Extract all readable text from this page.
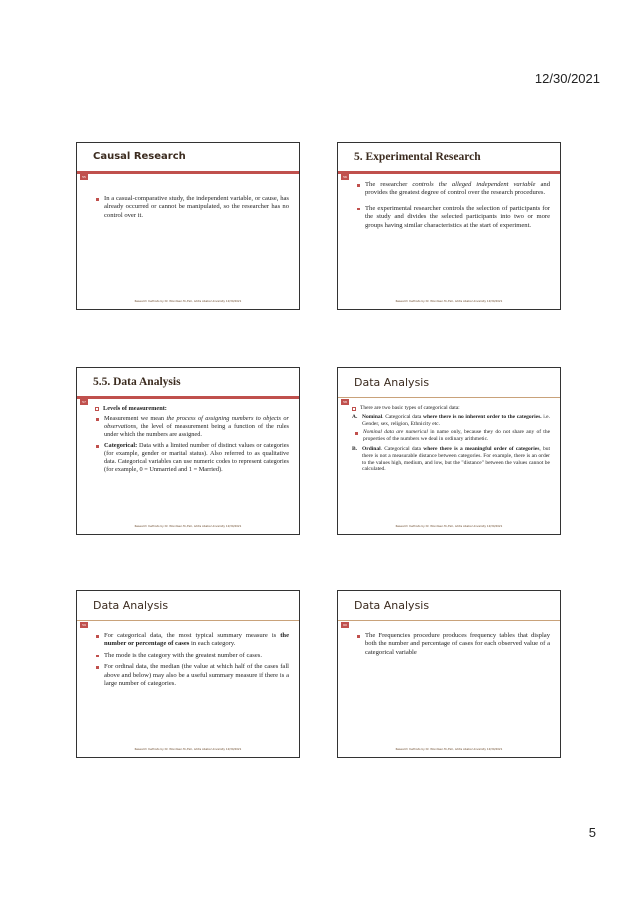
12/30/2021
Causal Research
55
In a casual-comparative study, the independent variable, or cause, has already occurred or cannot be manipulated, so the researcher has no control over it.
Research methods by Dr. Wondisen M.,EsC, Addis Ababa University 12/30/2021
5. Experimental Research
56
The researcher controls the alleged independent variable and provides the greatest degree of control over the research procedures.
The experimental researcher controls the selection of participants for the study and divides the selected participants into two or more groups having similar characteristics at the start of experiment.
Research methods by Dr. Wondisen M.,EsC, Addis Ababa University 12/30/2021
5.5. Data Analysis
57
Levels of measurement:
Measurement we mean the process of assigning numbers to objects or observations, the level of measurement being a function of the rules under which the numbers are assigned.
Categorical: Data with a limited number of distinct values or categories (for example, gender or marital status). Also referred to as qualitative data. Categorical variables can use numeric codes to represent categories (for example, 0 = Unmarried and 1 = Married).
Research methods by Dr. Wondisen M.,EsC, Addis Ababa University 12/30/2021
Data Analysis
58
There are two basic types of categorical data:
A. Nominal. Categorical data where there is no inherent order to the categories. i.e. Gender, sex, religion, Ethnicity etc.
Nominal data are numerical in name only, because they do not share any of the properties of the numbers we deal in ordinary arithmetic.
B. Ordinal. Categorical data where there is a meaningful order of categories, but there is not a measurable distance between categories. For example, there is an order to the values high, medium, and low, but the "distance" between the values cannot be calculated.
Research methods by Dr. Wondisen M.,EsC, Addis Ababa University 12/30/2021
Data Analysis
59
For categorical data, the most typical summary measure is the number or percentage of cases in each category.
The mode is the category with the greatest number of cases.
For ordinal data, the median (the value at which half of the cases fall above and below) may also be a useful summary measure if there is a large number of categories.
Research methods by Dr. Wondisen M.,EsC, Addis Ababa University 12/30/2021
Data Analysis
60
The Frequencies procedure produces frequency tables that display both the number and percentage of cases for each observed value of a categorical variable
Research methods by Dr. Wondisen M.,EsC, Addis Ababa University 12/30/2021
5
